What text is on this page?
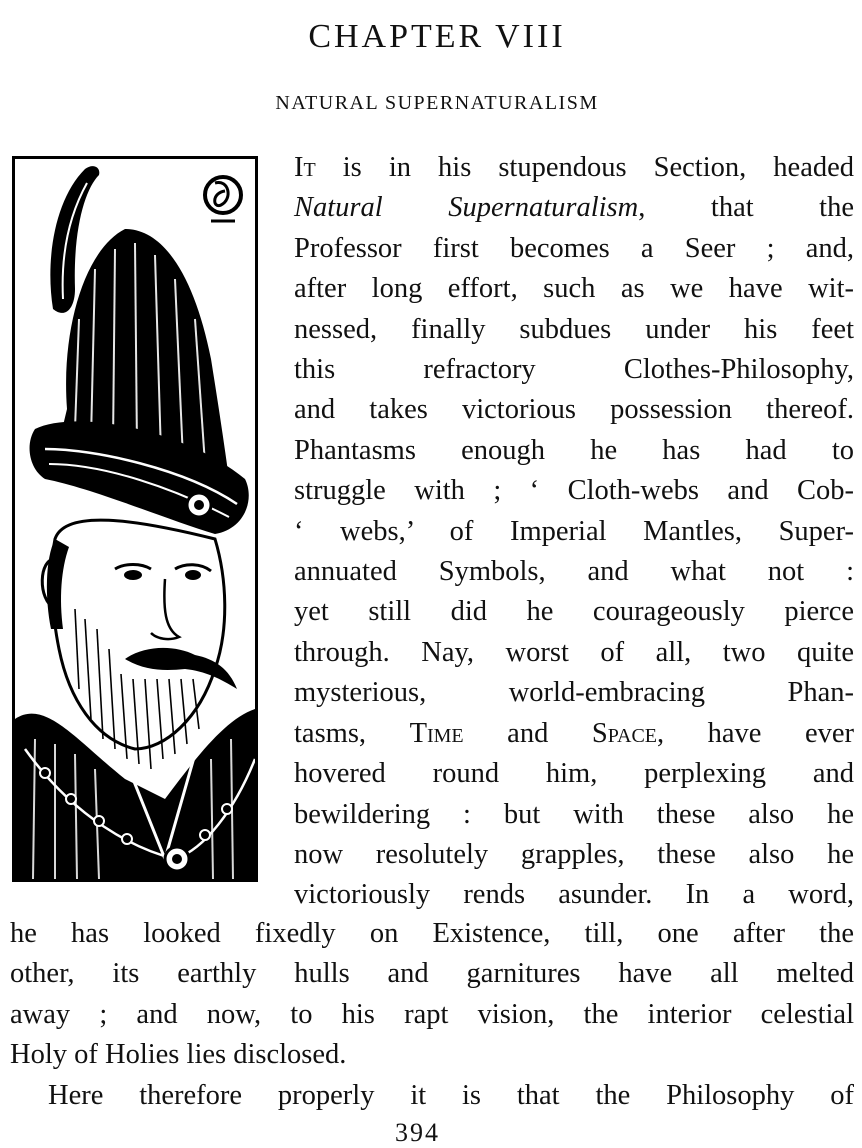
CHAPTER VIII
NATURAL SUPERNATURALISM
It is in his stupendous Section, headed
Natural Supernaturalism, that the
Professor first becomes a Seer ; and,
after long effort, such as we have wit-
nessed, finally subdues under his feet
this refractory Clothes-Philosophy,
and takes victorious possession thereof.
Phantasms enough he has had to
struggle with ; ‘ Cloth-webs and Cob-
‘ webs,’ of Imperial Mantles, Super-
annuated Symbols, and what not :
yet still did he courageously pierce
through. Nay, worst of all, two quite
mysterious, world-embracing Phan-
tasms, Time and Space, have ever
hovered round him, perplexing and
bewildering : but with these also he
now resolutely grapples, these also he
victoriously rends asunder. In a word,
he has looked fixedly on Existence, till, one after the
other, its earthly hulls and garnitures have all melted
away ; and now, to his rapt vision, the interior celestial
Holy of Holies lies disclosed.
Here therefore properly it is that the Philosophy of
394
